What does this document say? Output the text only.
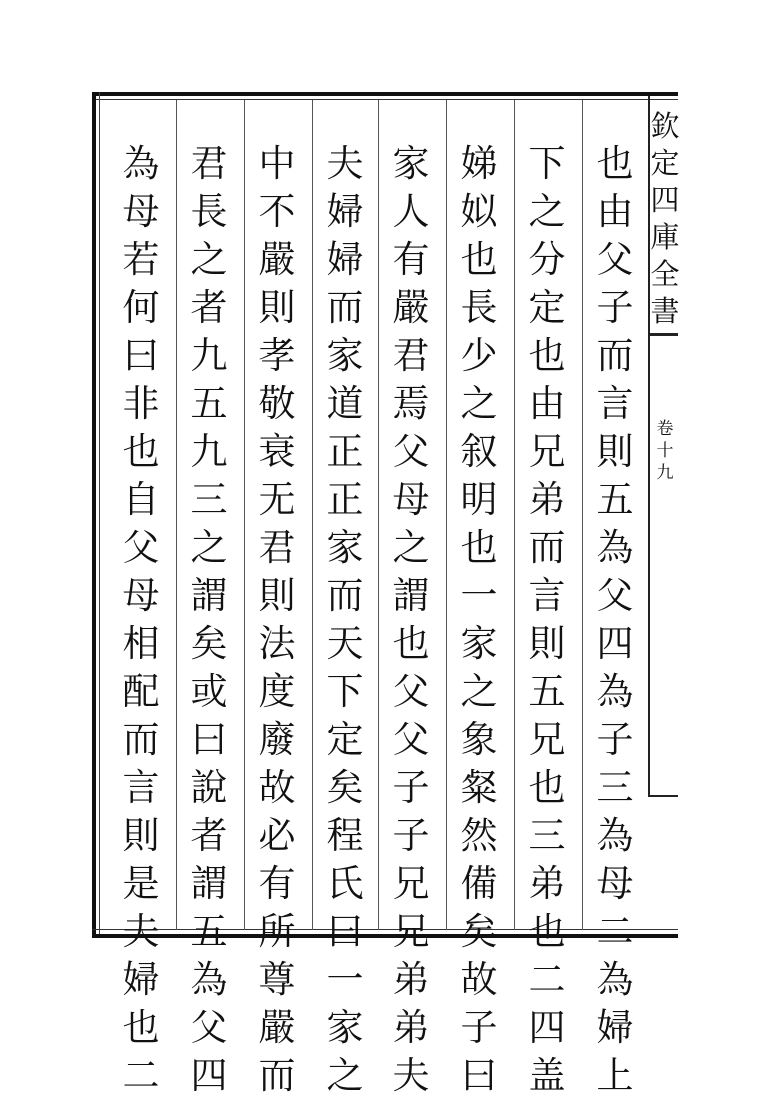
欽
定
四
庫
全
書
卷
十
九
也
由
父
子
而
言
則
五
為
父
四
為
子
三
為
母
二
為
婦
上
下
之
分
定
也
由
兄
弟
而
言
則
五
兄
也
三
弟
也
二
四
盖
娣
姒
也
長
少
之
叙
明
也
一
家
之
象
粲
然
備
矣
故
子
曰
家
人
有
嚴
君
焉
父
母
之
謂
也
父
父
子
子
兄
兄
弟
弟
夫
夫
婦
婦
而
家
道
正
正
家
而
天
下
定
矣
程
氏
曰
一
家
之
中
不
嚴
則
孝
敬
衰
无
君
則
法
度
廢
故
必
有
所
尊
嚴
而
君
長
之
者
九
五
九
三
之
謂
矣
或
曰
說
者
謂
五
為
父
四
為
母
若
何
曰
非
也
自
父
母
相
配
而
言
則
是
夫
婦
也
二
